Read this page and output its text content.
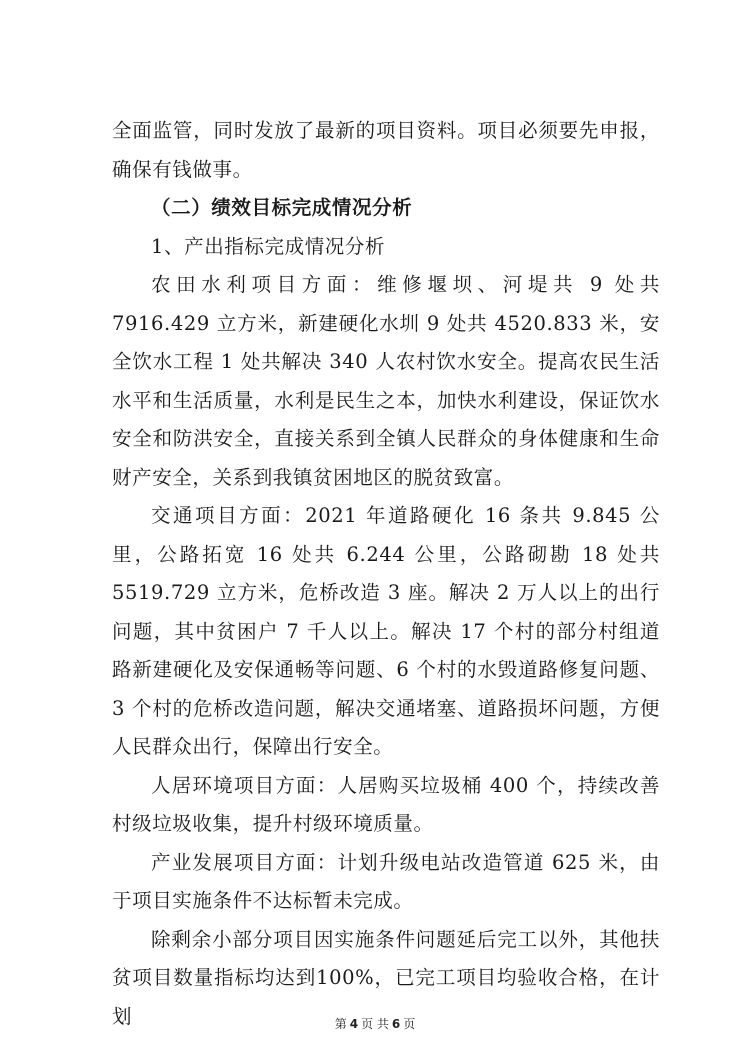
全面监管，同时发放了最新的项目资料。项目必须要先申报，确保有钱做事。

（二）绩效目标完成情况分析

1、产出指标完成情况分析

农田水利项目方面：维修堰坝、河堤共 9 处共 7916.429 立方米，新建硬化水圳 9 处共 4520.833 米，安全饮水工程 1 处共解决 340 人农村饮水安全。提高农民生活水平和生活质量，水利是民生之本，加快水利建设，保证饮水安全和防洪安全，直接关系到全镇人民群众的身体健康和生命财产安全，关系到我镇贫困地区的脱贫致富。

交通项目方面：2021 年道路硬化 16 条共 9.845 公里，公路拓宽 16 处共 6.244 公里，公路砌勘 18 处共 5519.729 立方米，危桥改造 3 座。解决 2 万人以上的出行问题，其中贫困户 7 千人以上。解决 17 个村的部分村组道路新建硬化及安保通畅等问题、6 个村的水毁道路修复问题、3 个村的危桥改造问题，解决交通堵塞、道路损坏问题，方便人民群众出行，保障出行安全。

人居环境项目方面：人居购买垃圾桶 400 个，持续改善村级垃圾收集，提升村级环境质量。

产业发展项目方面：计划升级电站改造管道 625 米，由于项目实施条件不达标暂未完成。

除剩余小部分项目因实施条件问题延后完工以外，其他扶贫项目数量指标均达到100%，已完工项目均验收合格，在计划	第 4 页 共 6 页
